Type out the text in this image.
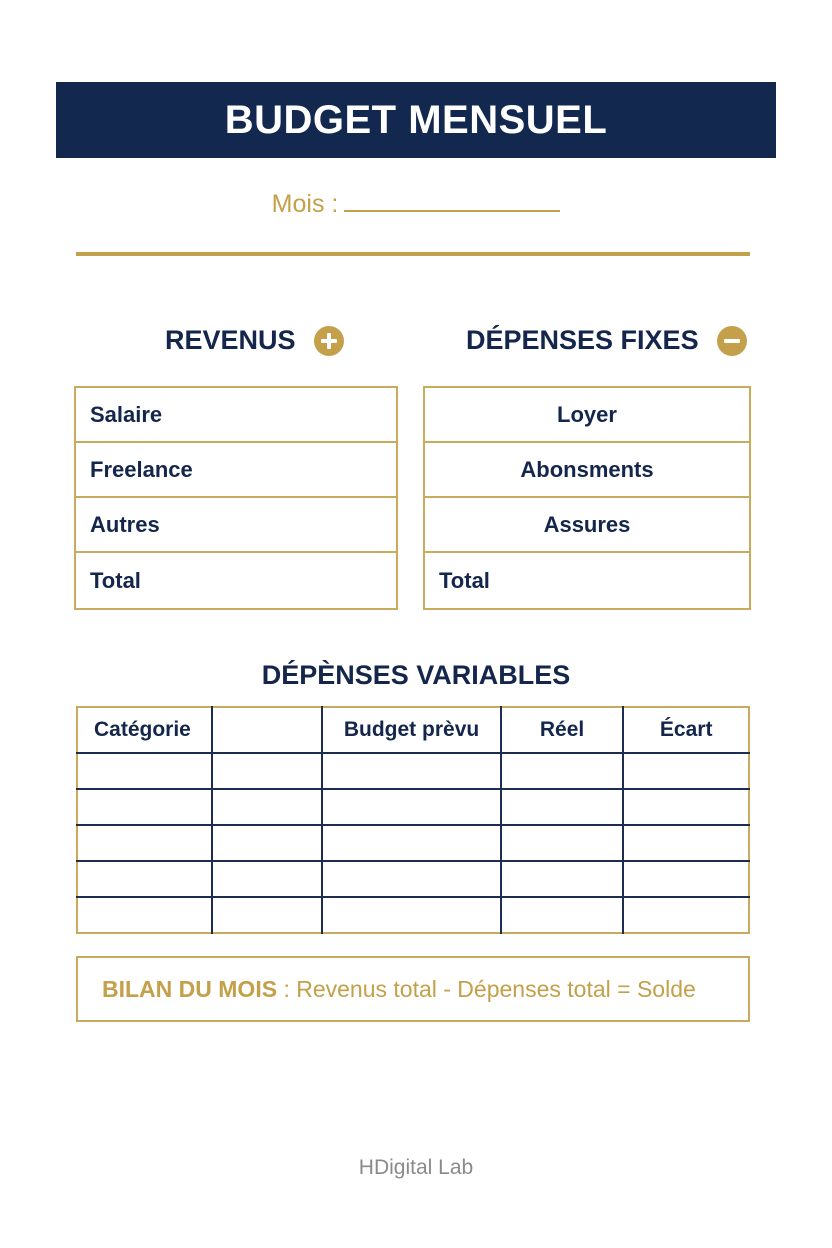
BUDGET MENSUEL
Mois :
REVENUS
Salaire
Freelance
Autres
Total
DÉPENSES FIXES
Loyer
Abonsments
Assures
Total
DÉPÈNSES VARIABLES
Catégorie		Budget prèvu	Réel	Écart

BILAN DU MOIS
: Revenus total - Dépenses total = Solde
HDigital Lab
